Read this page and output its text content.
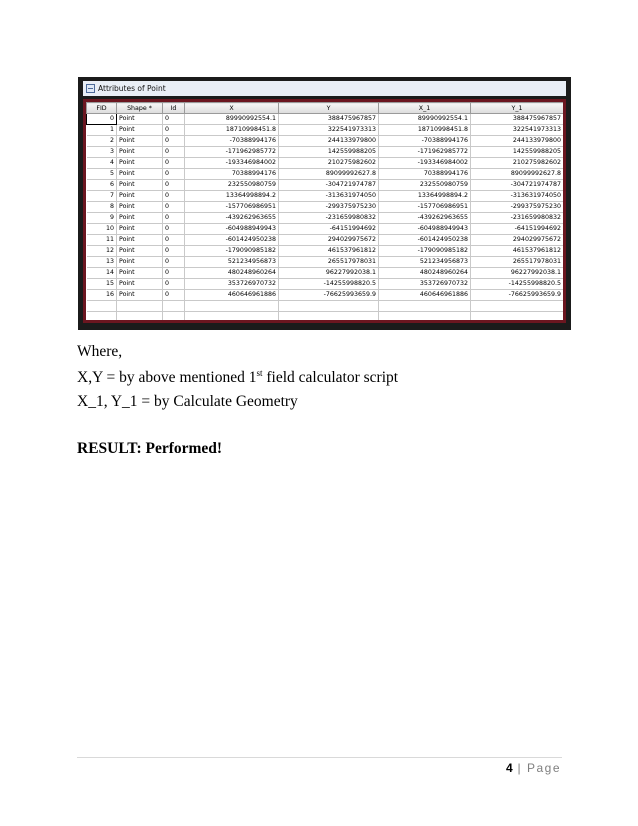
Attributes of Point
FID	Shape *	Id	X	Y	X_1	Y_1
0	Point	0	89990992554.1	388475967857	89990992554.1	388475967857
1	Point	0	18710998451.8	322541973313	18710998451.8	322541973313
2	Point	0	-70388994176	244133979800	-70388994176	244133979800
3	Point	0	-171962985772	142559988205	-171962985772	142559988205
4	Point	0	-193346984002	210275982602	-193346984002	210275982602
5	Point	0	70388994176	89099992627.8	70388994176	89099992627.8
6	Point	0	232550980759	-304721974787	232550980759	-304721974787
7	Point	0	13364998894.2	-313631974050	13364998894.2	-313631974050
8	Point	0	-157706986951	-299375975230	-157706986951	-299375975230
9	Point	0	-439262963655	-231659980832	-439262963655	-231659980832
10	Point	0	-604988949943	-64151994692	-604988949943	-64151994692
11	Point	0	-601424950238	294029975672	-601424950238	294029975672
12	Point	0	-179090985182	461537961812	-179090985182	461537961812
13	Point	0	521234956873	265517978031	521234956873	265517978031
14	Point	0	480248960264	96227992038.1	480248960264	96227992038.1
15	Point	0	353726970732	-14255998820.5	353726970732	-14255998820.5
16	Point	0	460646961886	-76625993659.9	460646961886	-76625993659.9

Where,
X,Y = by above mentioned 1st field calculator script
X_1, Y_1 = by Calculate Geometry
RESULT: Performed!
4 | Page
